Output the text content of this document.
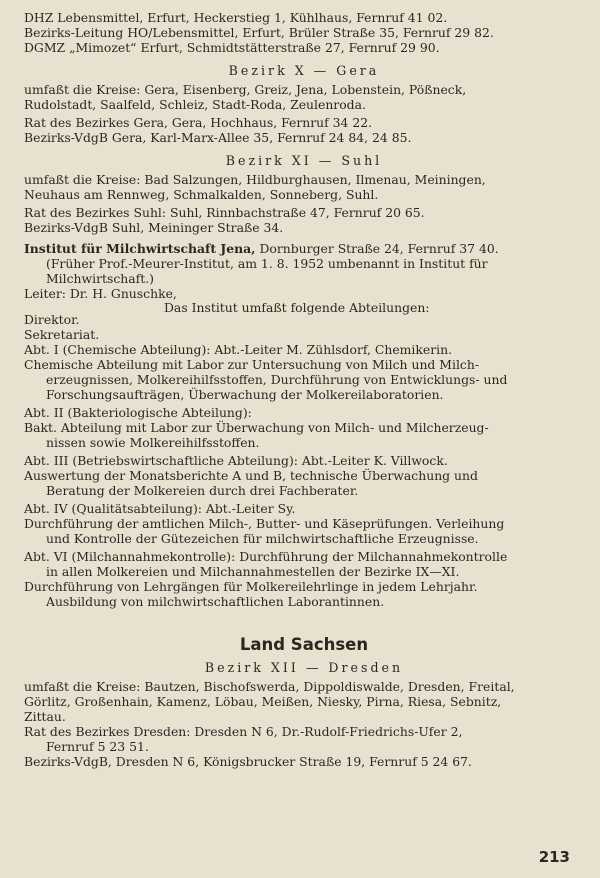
DHZ Lebensmittel, Erfurt, Heckerstieg 1, Kühlhaus, Fernruf 41 02.
Bezirks-Leitung HO/Lebensmittel, Erfurt, Brüler Straße 35, Fernruf 29 82.
DGMZ „Mimozet“ Erfurt, Schmidtstätterstraße 27, Fernruf 29 90.
Bezirk X — Gera
umfaßt die Kreise: Gera, Eisenberg, Greiz, Jena, Lobenstein, Pößneck,
Rudolstadt, Saalfeld, Schleiz, Stadt-Roda, Zeulenroda.
Rat des Bezirkes Gera, Gera, Hochhaus, Fernruf 34 22.
Bezirks-VdgB Gera, Karl-Marx-Allee 35, Fernruf 24 84, 24 85.
Bezirk XI — Suhl
umfaßt die Kreise: Bad Salzungen, Hildburghausen, Ilmenau, Meiningen,
Neuhaus am Rennweg, Schmalkalden, Sonneberg, Suhl.
Rat des Bezirkes Suhl: Suhl, Rinnbachstraße 47, Fernruf 20 65.
Bezirks-VdgB Suhl, Meininger Straße 34.
Institut für Milchwirtschaft Jena, Dornburger Straße 24, Fernruf 37 40.
(Früher Prof.-Meurer-Institut, am 1. 8. 1952 umbenannt in Institut für
Milchwirtschaft.)
Leiter: Dr. H. Gnuschke,
Direktor.
Das Institut umfaßt folgende Abteilungen:
Sekretariat.
Abt. I (Chemische Abteilung): Abt.-Leiter M. Zühlsdorf, Chemikerin.
Chemische Abteilung mit Labor zur Untersuchung von Milch und Milch-
erzeugnissen, Molkereihilfsstoffen, Durchführung von Entwicklungs- und
Forschungsaufträgen, Überwachung der Molkereilaboratorien.
Abt. II (Bakteriologische Abteilung):
Bakt. Abteilung mit Labor zur Überwachung von Milch- und Milcherzeug-
nissen sowie Molkereihilfsstoffen.
Abt. III (Betriebswirtschaftliche Abteilung): Abt.-Leiter K. Villwock.
Auswertung der Monatsberichte A und B, technische Überwachung und
Beratung der Molkereien durch drei Fachberater.
Abt. IV (Qualitätsabteilung): Abt.-Leiter Sy.
Durchführung der amtlichen Milch-, Butter- und Käseprüfungen. Verleihung
und Kontrolle der Gütezeichen für milchwirtschaftliche Erzeugnisse.
Abt. VI (Milchannahmekontrolle): Durchführung der Milchannahmekontrolle
in allen Molkereien und Milchannahmestellen der Bezirke IX—XI.
Durchführung von Lehrgängen für Molkereilehrlinge in jedem Lehrjahr.
Ausbildung von milchwirtschaftlichen Laborantinnen.
Land Sachsen
Bezirk XII — Dresden
umfaßt die Kreise: Bautzen, Bischofswerda, Dippoldiswalde, Dresden, Freital,
Görlitz, Großenhain, Kamenz, Löbau, Meißen, Niesky, Pirna, Riesa, Sebnitz,
Zittau.
Rat des Bezirkes Dresden: Dresden N 6, Dr.-Rudolf-Friedrichs-Ufer 2,
Fernruf 5 23 51.
Bezirks-VdgB, Dresden N 6, Königsbrucker Straße 19, Fernruf 5 24 67.
213
